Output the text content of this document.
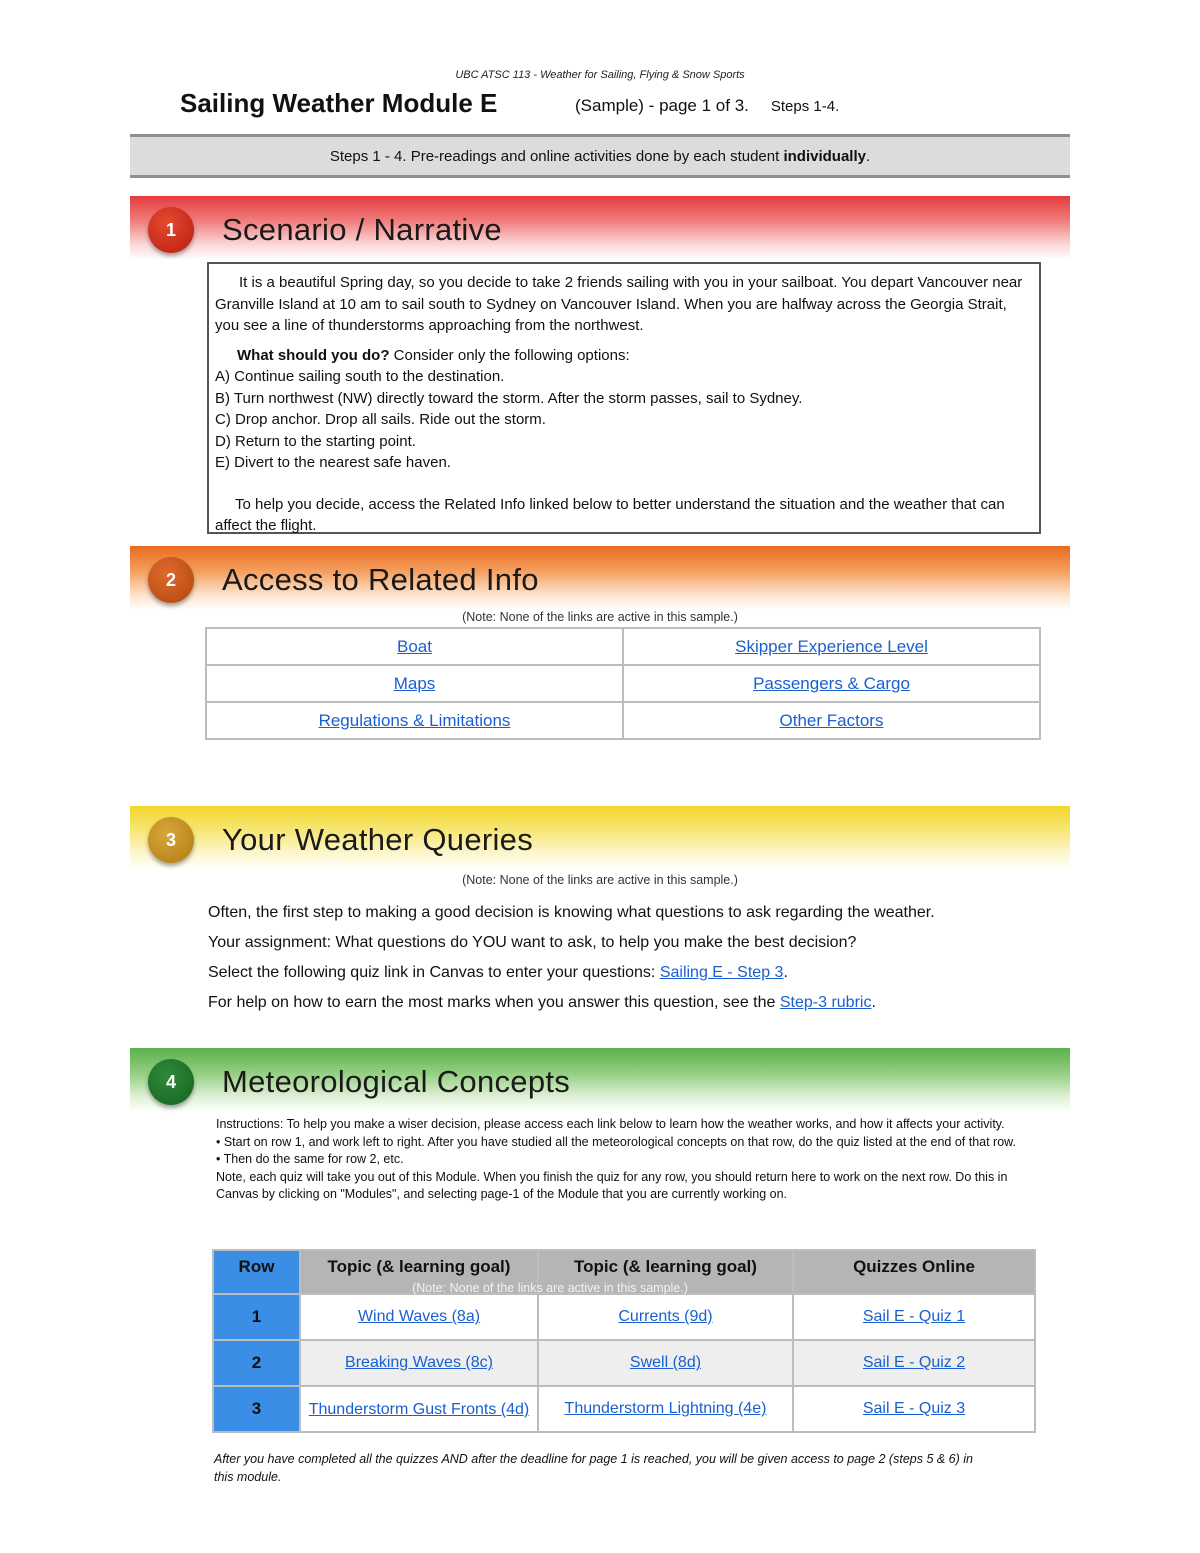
UBC ATSC 113 - Weather for Sailing, Flying & Snow Sports
Sailing Weather Module E	(Sample) - page 1 of 3. Steps 1-4.
Steps 1 - 4. Pre-readings and online activities done by each student individually.
1	Scenario / Narrative

It is a beautiful Spring day, so you decide to take 2 friends sailing with you in your sailboat. You depart Vancouver near Granville Island at 10 am to sail south to Sydney on Vancouver Island. When you are halfway across the Georgia Strait, you see a line of thunderstorms approaching from the northwest.

What should you do? Consider only the following options:

A) Continue sailing south to the destination.

B) Turn northwest (NW) directly toward the storm. After the storm passes, sail to Sydney.

C) Drop anchor. Drop all sails. Ride out the storm.

D) Return to the starting point.

E) Divert to the nearest safe haven.

To help you decide, access the Related Info linked below to better understand the situation and the weather that can affect the flight.

2	Access to Related Info
(Note: None of the links are active in this sample.)
Boat	Skipper Experience Level
Maps	Passengers & Cargo
Regulations & Limitations	Other Factors
3	Your Weather Queries
(Note: None of the links are active in this sample.)
Often, the first step to making a good decision is knowing what questions to ask regarding the weather.
Your assignment: What questions do YOU want to ask, to help you make the best decision?
Select the following quiz link in Canvas to enter your questions: Sailing E - Step 3.
For help on how to earn the most marks when you answer this question, see the Step-3 rubric.
4	Meteorological Concepts
Instructions: To help you make a wiser decision, please access each link below to learn how the weather works, and how it affects your activity.
• Start on row 1, and work left to right. After you have studied all the meteorological concepts on that row, do the quiz listed at the end of that row.
• Then do the same for row 2, etc.
Note, each quiz will take you out of this Module. When you finish the quiz for any row, you should return here to work on the next row. Do this in Canvas by clicking on "Modules", and selecting page-1 of the Module that you are currently working on.
Row	Topic (& learning goal)	Topic (& learning goal)	Quizzes Online
1	Wind Waves (8a)	Currents (9d)	Sail E - Quiz 1
2	Breaking Waves (8c)	Swell (8d)	Sail E - Quiz 2
3	Thunderstorm Gust Fronts (4d)	Thunderstorm Lightning (4e)	Sail E - Quiz 3
(Note: None of the links are active in this sample.)
After you have completed all the quizzes AND after the deadline for page 1 is reached, you will be given access to page 2 (steps 5 & 6) in this module.
